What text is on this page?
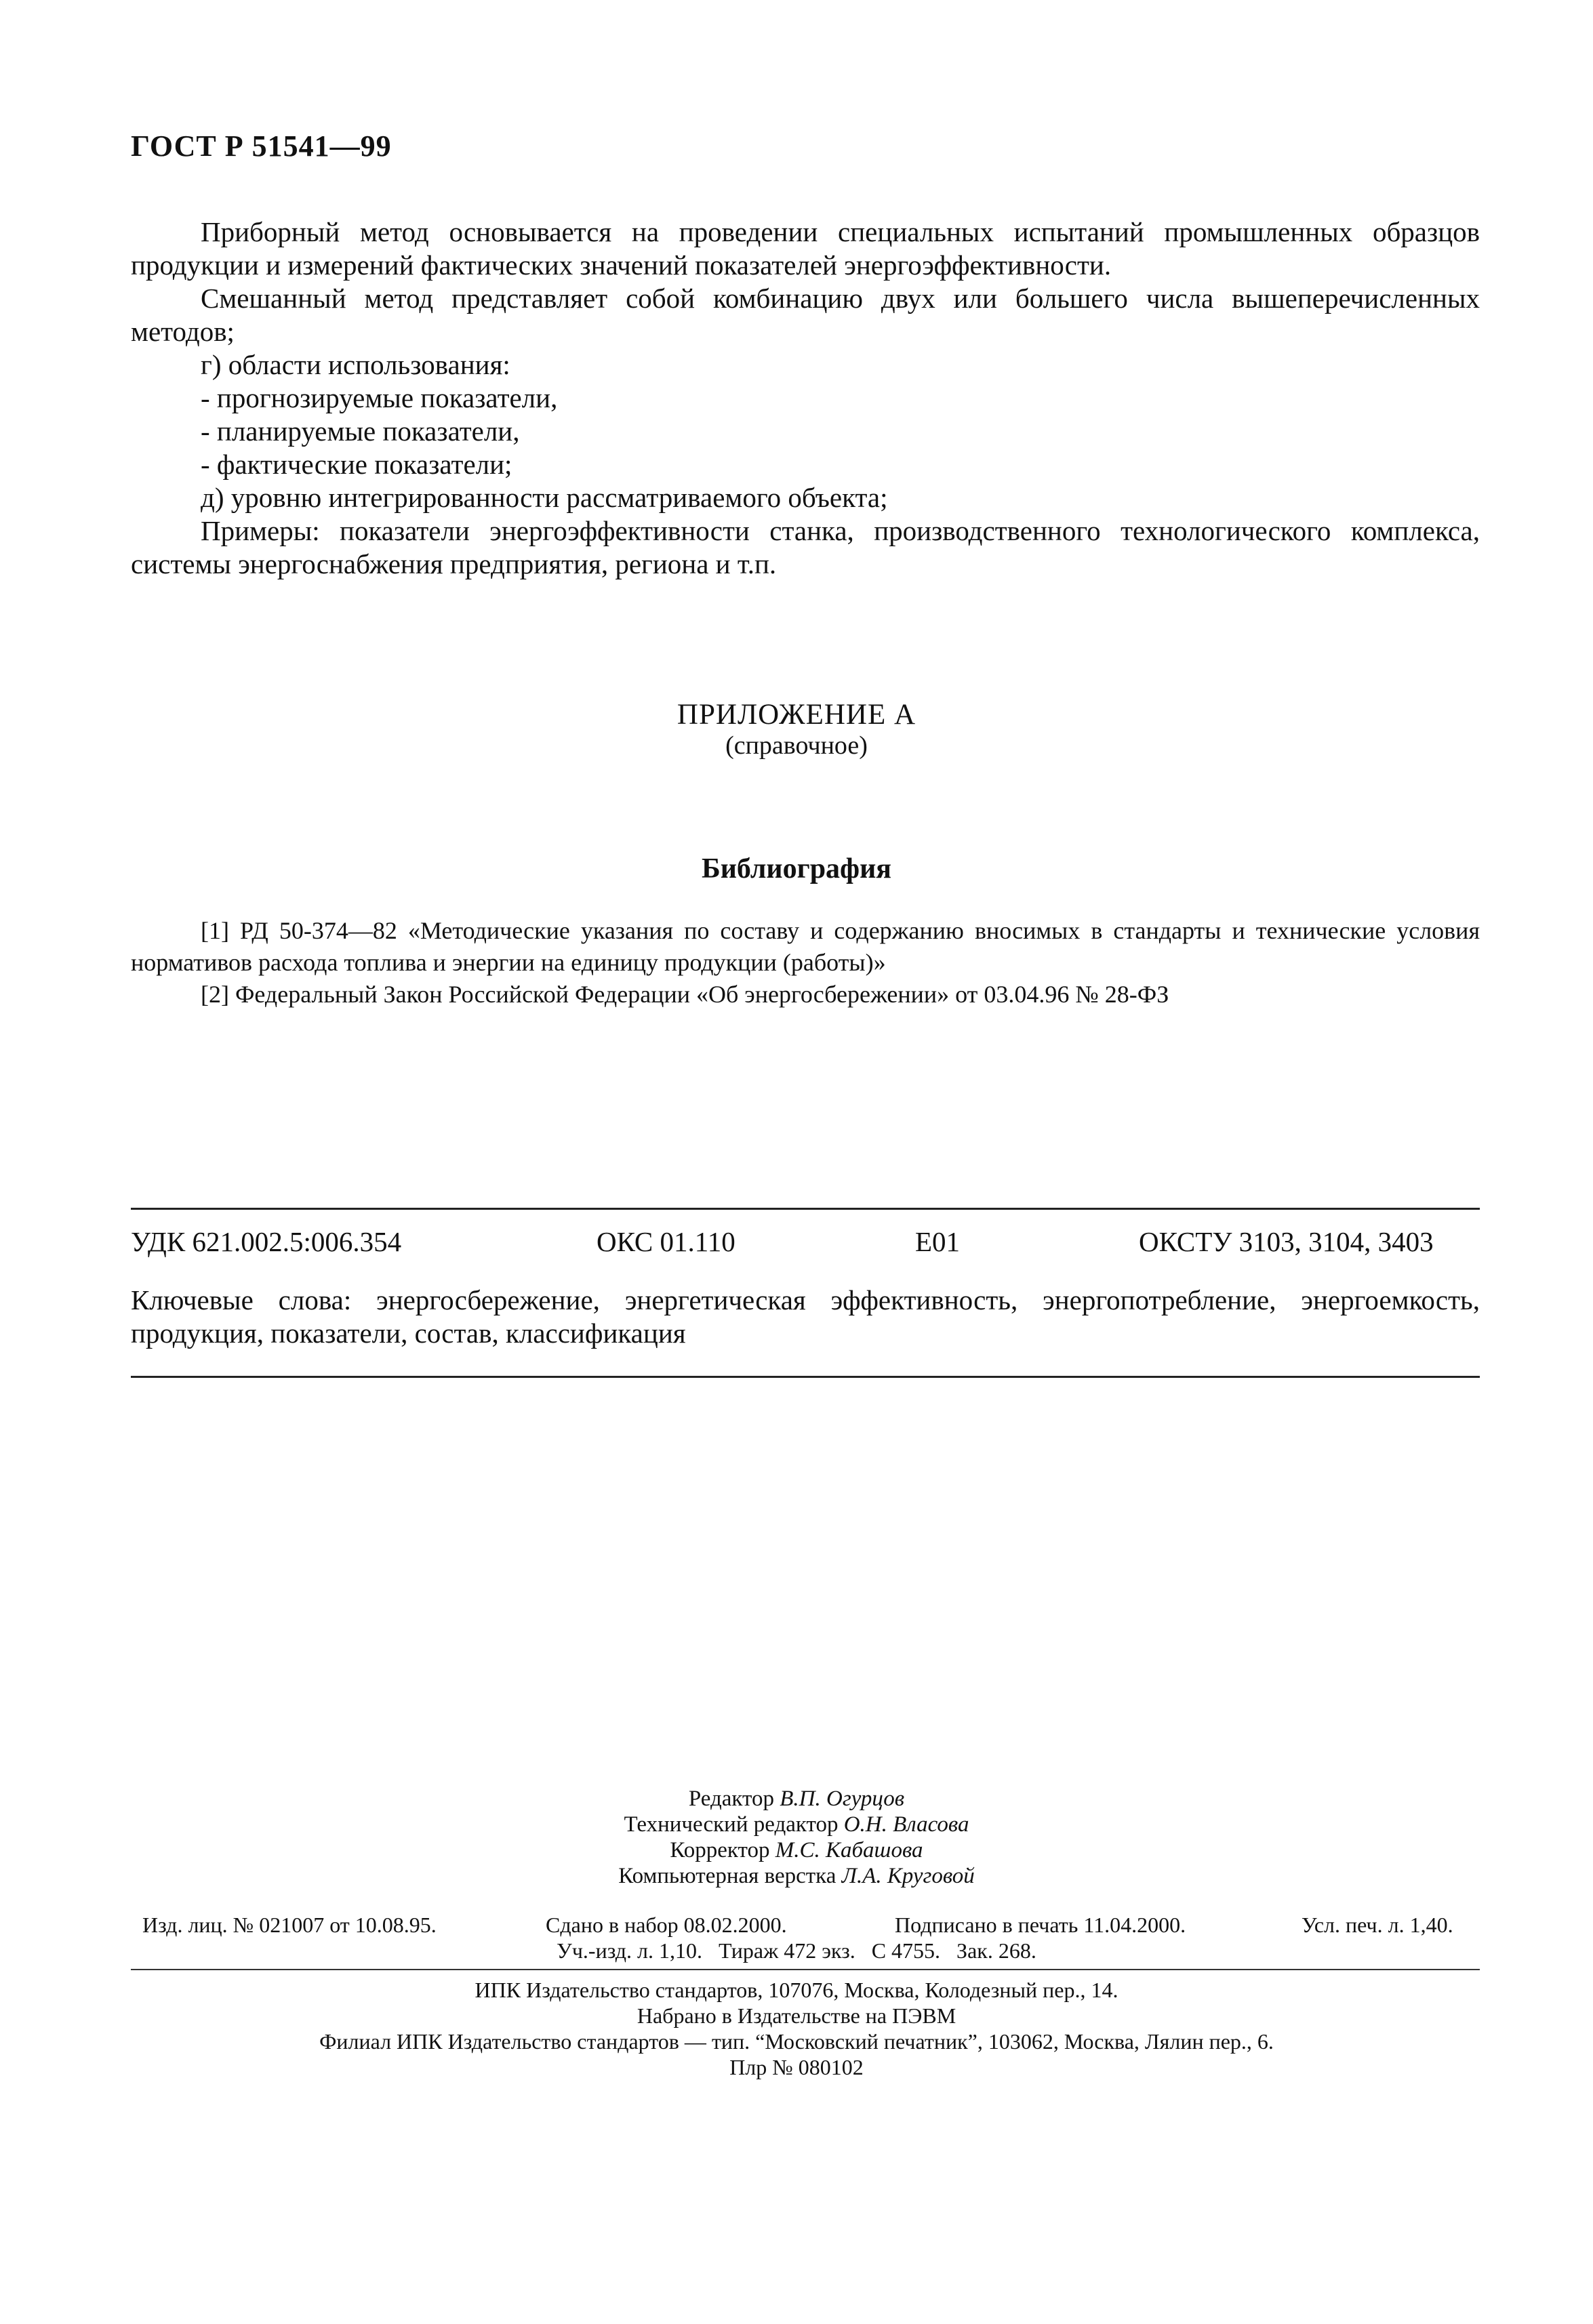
ГОСТ Р 51541—99

Приборный метод основывается на проведении специальных испытаний промышленных образцов продукции и измерений фактических значений показателей энергоэффективности.

Смешанный метод представляет собой комбинацию двух или большего числа вышеперечисленных методов;

г) области использования:

- прогнозируемые показатели,

- планируемые показатели,

- фактические показатели;

д) уровню интегрированности рассматриваемого объекта;

Примеры: показатели энергоэффективности станка, производственного технологического комплекса, системы энергоснабжения предприятия, региона и т.п.

ПРИЛОЖЕНИЕ А
(справочное)
Библиография

[1] РД 50-374—82 «Методические указания по составу и содержанию вносимых в стандарты и технические условия нормативов расхода топлива и энергии на единицу продукции (работы)»

[2] Федеральный Закон Российской Федерации «Об энергосбережении» от 03.04.96 № 28-ФЗ

УДК 621.002.5:006.354	ОКС 01.110	Е01	ОКСТУ 3103, 3104, 3403

Ключевые слова: энергосбережение, энергетическая эффективность, энергопотребление, энергоемкость, продукция, показатели, состав, классификация

Редактор В.П. Огурцов
Технический редактор О.Н. Власова
Корректор М.С. Кабашова
Компьютерная верстка Л.А. Круговой
Изд. лиц. № 021007 от 10.08.95.	Сдано в набор 08.02.2000.	Подписано в печать 11.04.2000.	Усл. печ. л. 1,40.
Уч.-изд. л. 1,10.   Тираж 472 экз.   С 4755.   Зак. 268.
ИПК Издательство стандартов, 107076, Москва, Колодезный пер., 14.
Набрано в Издательстве на ПЭВМ
Филиал ИПК Издательство стандартов — тип. “Московский печатник”, 103062, Москва, Лялин пер., 6.
Плр № 080102
